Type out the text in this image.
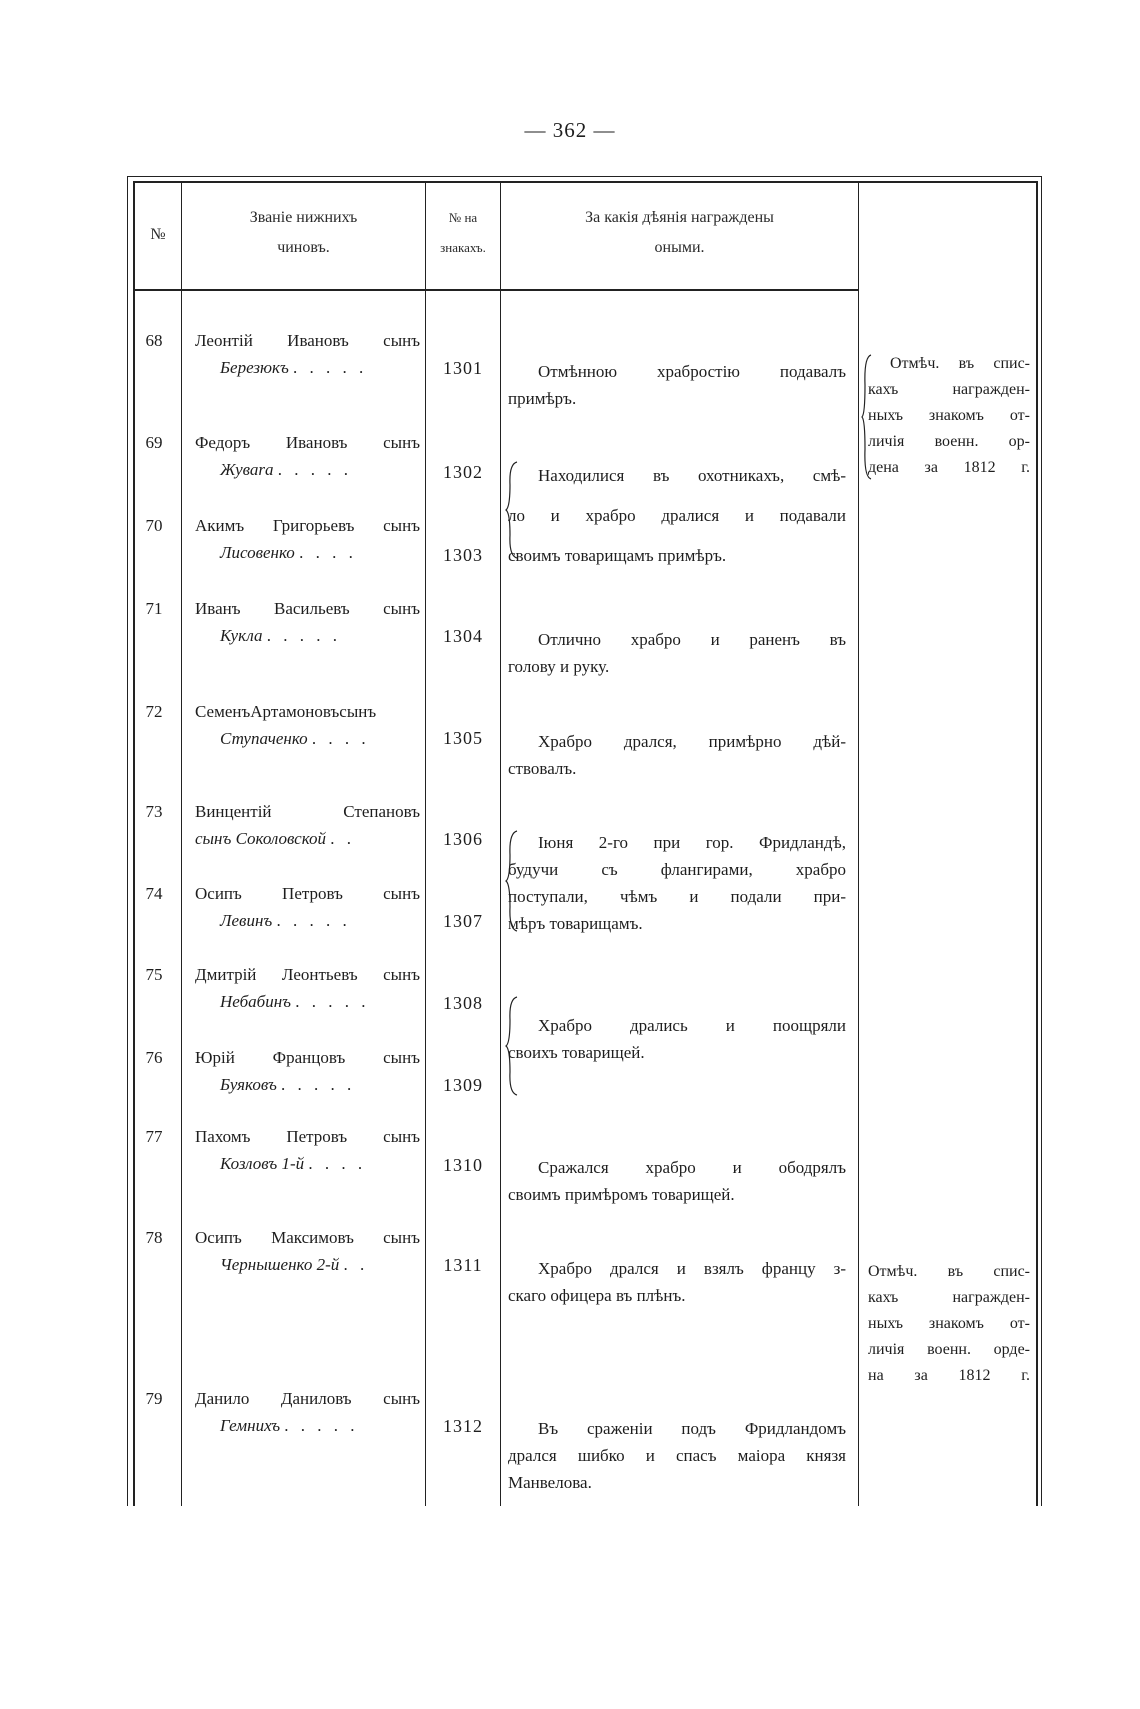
— 362 —
№
Званіе нижнихъ
чиновъ.
№ на
знакахъ.
За какія дѣянія награждены
оными.
68
69
70
71
72
73
74
75
76
77
78
79
Леонтій Ивановъ сынъ
Березюкъ . . . . .
Федоръ Ивановъ сынъ
Жуваra . . . . .
Акимъ Григорьевъ сынъ
Лисовенко . . . .
Иванъ Васильевъ сынъ
Кукла . . . . .
СеменъАртамоновъсынъ
Ступаченко . . . .
Винцентій Степановъ
сынъ Соколовской . .
Осипъ Петровъ сынъ
Левинъ . . . . .
Дмитрій Леонтьевъ сынъ
Небабинъ . . . . .
Юрій Францовъ сынъ
Буяковъ . . . . .
Пахомъ Петровъ сынъ
Козловъ 1-й . . . .
Осипъ Максимовъ сынъ
Чернышенко 2-й . .
Данило Даниловъ сынъ
Гемнихъ . . . . .
1301
1302
1303
1304
1305
1306
1307
1308
1309
1310
1311
1312
Отмѣнною храбростію подавалъ
примѣръ.
Находилися въ охотникахъ, смѣ-
ло и храбро дралися и подавали
своимъ товарищамъ примѣръ.
Отлично храбро и раненъ въ
голову и руку.
Храбро дрался, примѣрно дѣй-
ствовалъ.
Іюня 2-го при гор. Фридландѣ,
будучи съ флангирами, храбро
поступали, чѣмъ и подали при-
мѣръ товарищамъ.
Храбро дрались и поощряли
своихъ товарищей.
Сражался храбро и ободрялъ
своимъ примѣромъ товарищей.
Храбро дрался и взялъ францу з-
скаго офицера въ плѣнъ.
Въ сраженіи подъ Фридландомъ
дрался шибко и спасъ маіора князя
Манвелова.
Отмѣч. въ спис-
кахъ награжден-
ныхъ знакомъ от-
личія военн. ор-
дена за 1812 г.
Отмѣч. въ спис-
кахъ награжден-
ныхъ знакомъ от-
личія военн. орде-
на за 1812 г.
